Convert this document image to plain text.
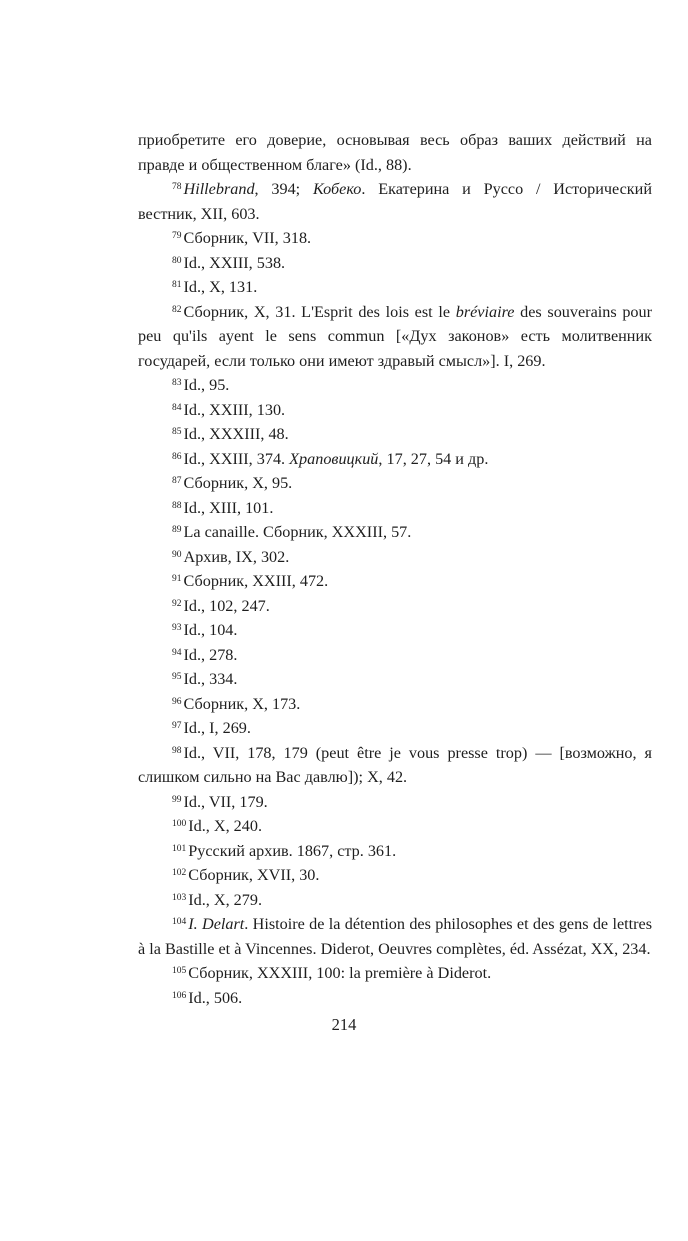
приобретите его доверие, основывая весь образ ваших действий на правде и общественном благе» (Id., 88).

$^{78}$ Hillebrand, 394; Кобеко. Екатерина и Руссо / Исторический вестник, XII, 603.

$^{79}$ Сборник, VII, 318.

$^{80}$ Id., XXIII, 538.

$^{81}$ Id., X, 131.

$^{82}$ Сборник, X, 31. L'Esprit des lois est le bréviaire des souverains pour peu qu'ils ayent le sens commun [«Дух законов» есть молитвенник государей, если только они имеют здравый смысл»]. I, 269.

$^{83}$ Id., 95.

$^{84}$ Id., XXIII, 130.

$^{85}$ Id., XXXIII, 48.

$^{86}$ Id., XXIII, 374. Храповицкий, 17, 27, 54 и др.

$^{87}$ Сборник, X, 95.

$^{88}$ Id., XIII, 101.

$^{89}$ La canaille. Сборник, XXXIII, 57.

$^{90}$ Архив, IX, 302.

$^{91}$ Сборник, XXIII, 472.

$^{92}$ Id., 102, 247.

$^{93}$ Id., 104.

$^{94}$ Id., 278.

$^{95}$ Id., 334.

$^{96}$ Сборник, X, 173.

$^{97}$ Id., I, 269.

$^{98}$ Id., VII, 178, 179 (peut être je vous presse trop) — [возможно, я слишком сильно на Вас давлю]); X, 42.

$^{99}$ Id., VII, 179.

$^{100}$ Id., X, 240.

$^{101}$ Русский архив. 1867, стр. 361.

$^{102}$ Сборник, XVII, 30.

$^{103}$ Id., X, 279.

$^{104}$ I. Delart. Histoire de la détention des philosophes et des gens de lettres à la Bastille et à Vincennes. Diderot, Oeuvres complètes, éd. Assézat, XX, 234.

$^{105}$ Сборник, XXXIII, 100: la première à Diderot.

$^{106}$ Id., 506.

214
